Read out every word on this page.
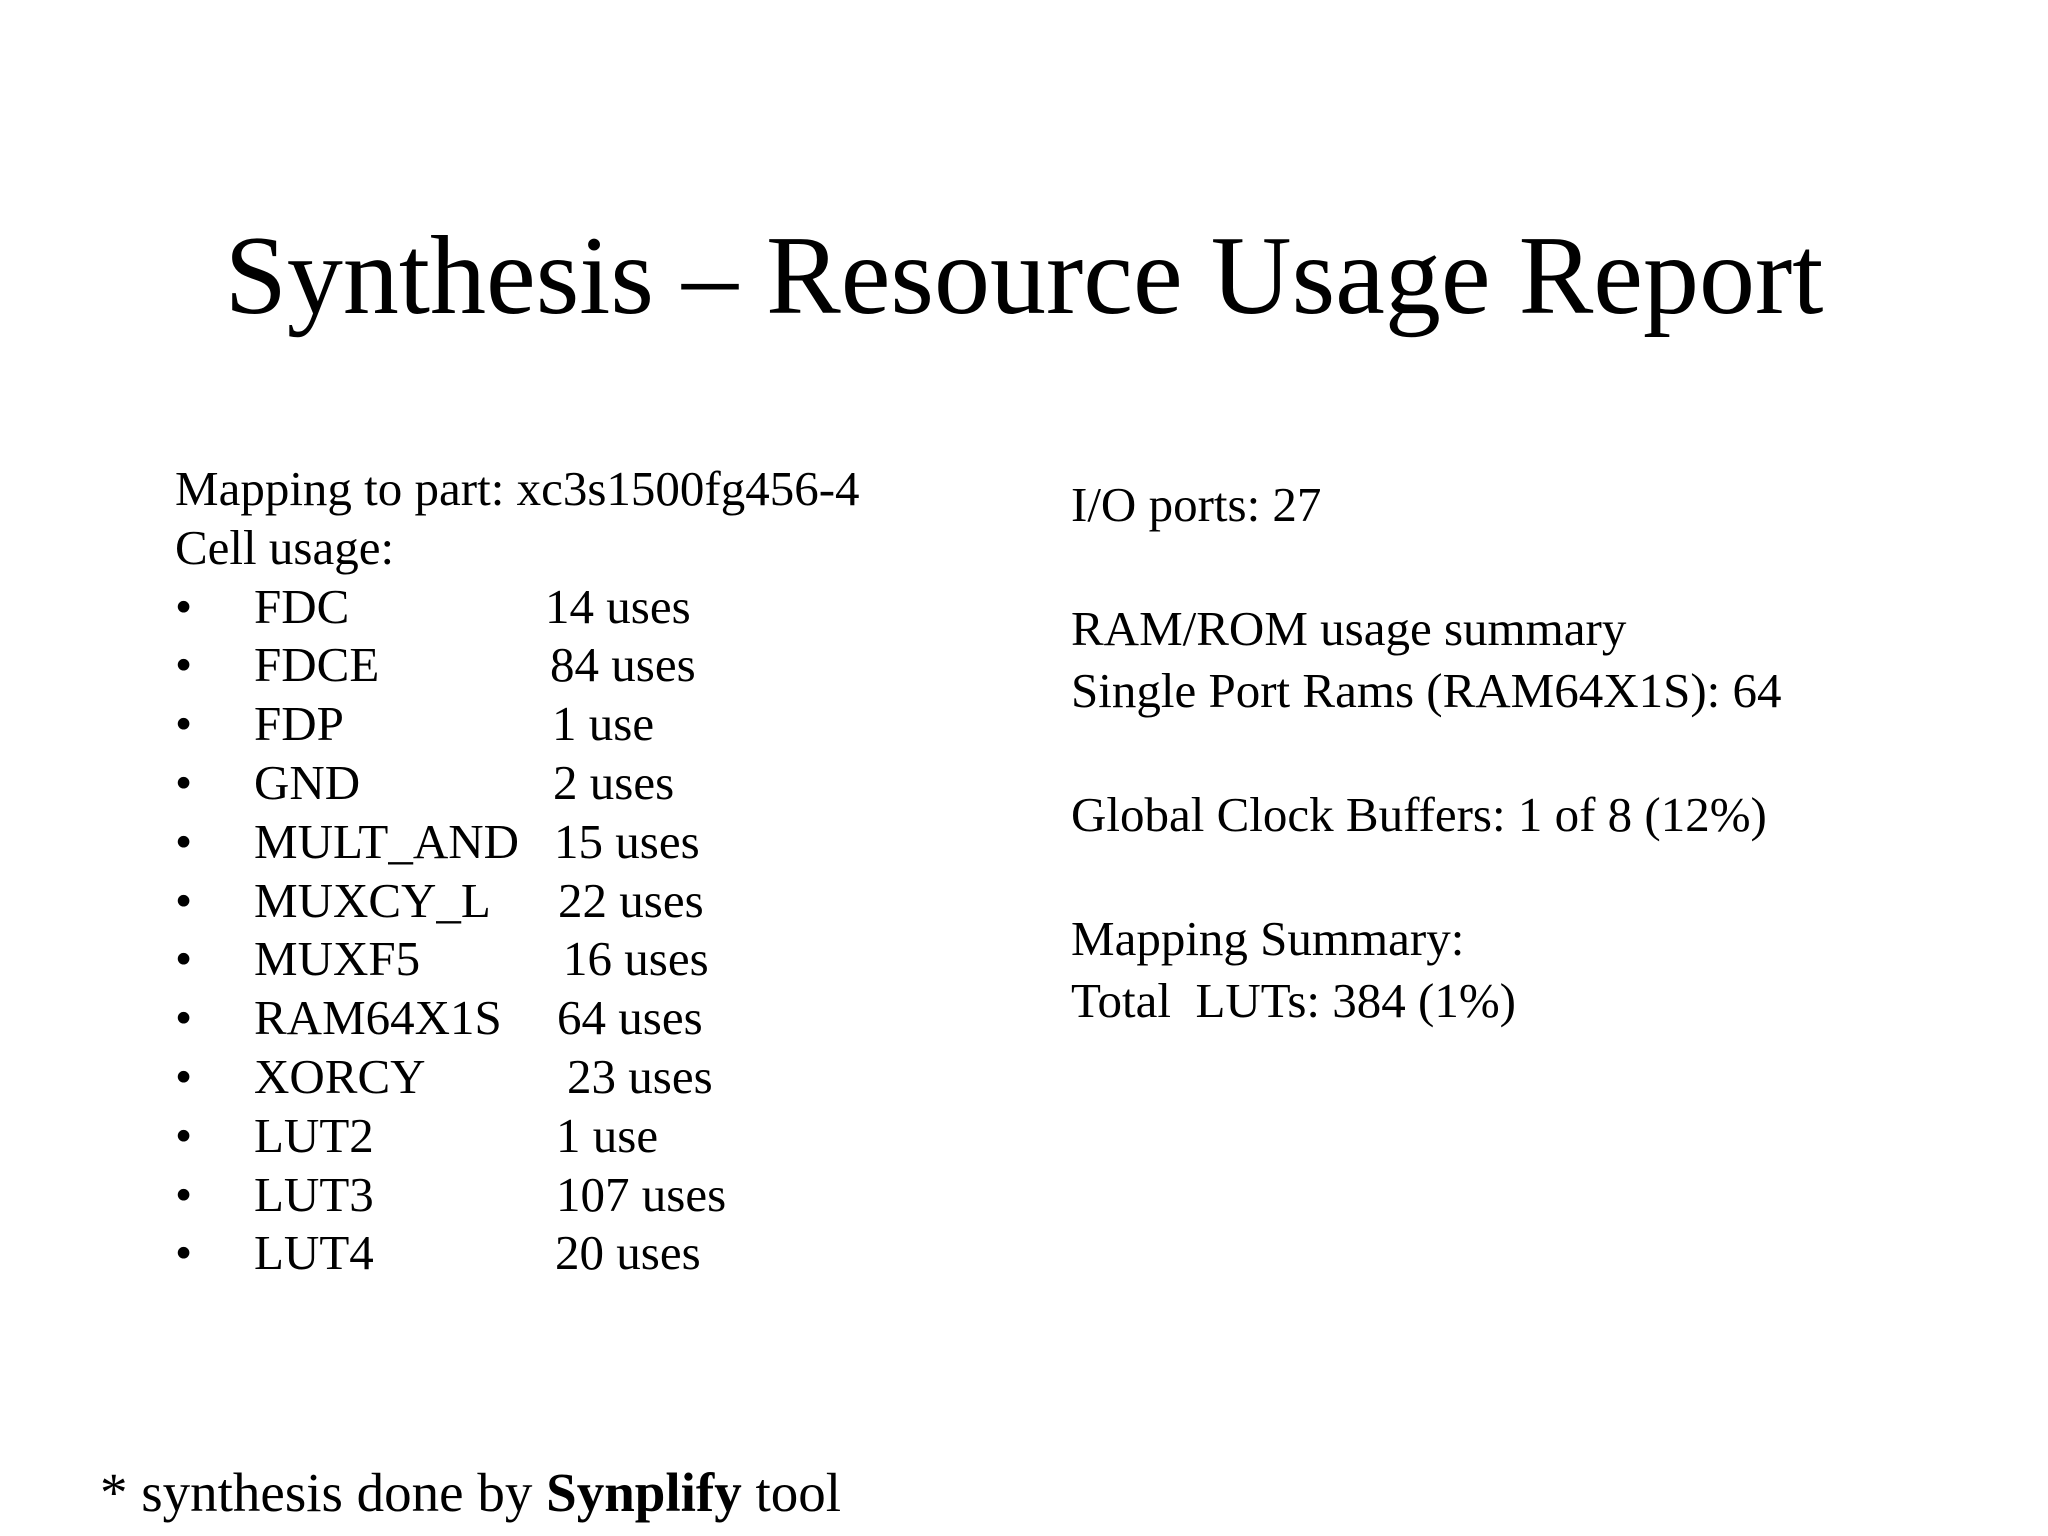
Synthesis – Resource Usage Report
Mapping to part: xc3s1500fg456-4
Cell usage:
•	FDC	14 uses
•	FDCE	84 uses
•	FDP	1 use
•	GND	2 uses
•	MULT_AND 15 uses
•	MUXCY_L 22 uses
•	MUXF5	16 uses
•	RAM64X1S 64 uses
•	XORCY	23 uses
•	LUT2	1 use
•	LUT3	107 uses
•	LUT4	20 uses
I/O ports: 27
RAM/ROM usage summary
Single Port Rams (RAM64X1S): 64
Global Clock Buffers: 1 of 8 (12%)
Mapping Summary:
Total  LUTs: 384 (1%)
* synthesis done by Synplify tool
